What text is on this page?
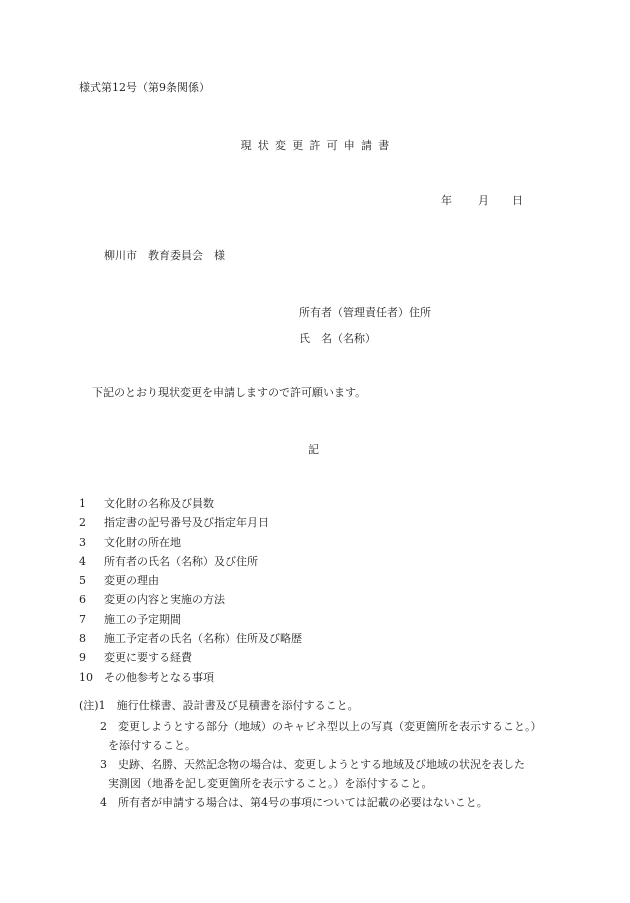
様式第12号（第9条関係）
現状変更許可申請書
年 月 日
柳川市　教育委員会　様
所有者（管理責任者）住所
氏　名（名称）
下記のとおり現状変更を申請しますので許可願います。
記
1	文化財の名称及び員数
2	指定書の記号番号及び指定年月日
3	文化財の所在地
4	所有者の氏名（名称）及び住所
5	変更の理由
6	変更の内容と実施の方法
7	施工の予定期間
8	施工予定者の氏名（名称）住所及び略歴
9	変更に要する経費
10	その他参考となる事項
(注)1　施行仕様書、設計書及び見積書を添付すること。
2　変更しようとする部分（地域）のキャビネ型以上の写真（変更箇所を表示すること。）
を添付すること。
3　史跡、名勝、天然記念物の場合は、変更しようとする地域及び地域の状況を表した
実測図（地番を記し変更箇所を表示すること。）を添付すること。
4　所有者が申請する場合は、第4号の事項については記載の必要はないこと。
